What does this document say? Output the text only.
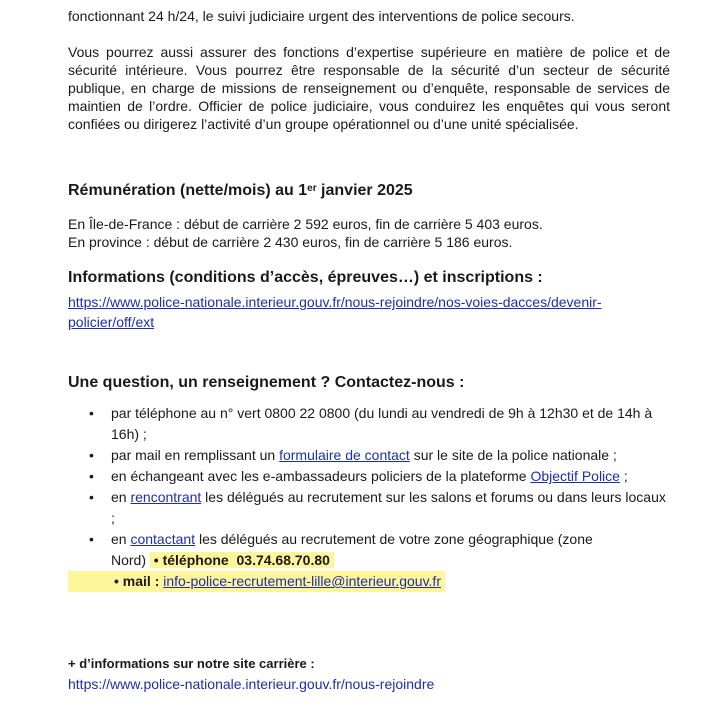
fonctionnant 24 h/24, le suivi judiciaire urgent des interventions de police secours.

Vous pourrez aussi assurer des fonctions d’expertise supérieure en matière de police et de sécurité intérieure. Vous pourrez être responsable de la sécurité d’un secteur de sécurité publique, en charge de missions de renseignement ou d’enquête, responsable de services de maintien de l’ordre. Officier de police judiciaire, vous conduirez les enquêtes qui vous seront confiées ou dirigerez l’activité d’un groupe opérationnel ou d’une unité spécialisée.

Rémunération (nette/mois) au 1er janvier 2025

En Île-de-France : début de carrière 2 592 euros, fin de carrière 5 403 euros.

En province : début de carrière 2 430 euros, fin de carrière 5 186 euros.

Informations (conditions d’accès, épreuves…) et inscriptions :
https://www.police-nationale.interieur.gouv.fr/nous-rejoindre/nos-voies-dacces/devenir-
policier/off/ext
Une question, un renseignement ? Contactez-nous :
• par téléphone au n° vert 0800 22 0800 (du lundi au vendredi de 9h à 12h30 et de 14h à 16h) ;
• par mail en remplissant un formulaire de contact sur le site de la police nationale ;
• en échangeant avec les e-ambassadeurs policiers de la plateforme Objectif Police ;
• en rencontrant les délégués au recrutement sur les salons et forums ou dans leurs locaux ;
• en contactant les délégués au recrutement de votre zone géographique (zone
Nord) • téléphone 03.74.68.70.80
• mail : info-police-recrutement-lille@interieur.gouv.fr
+ d’informations sur notre site carrière :
https://www.police-nationale.interieur.gouv.fr/nous-rejoindre
